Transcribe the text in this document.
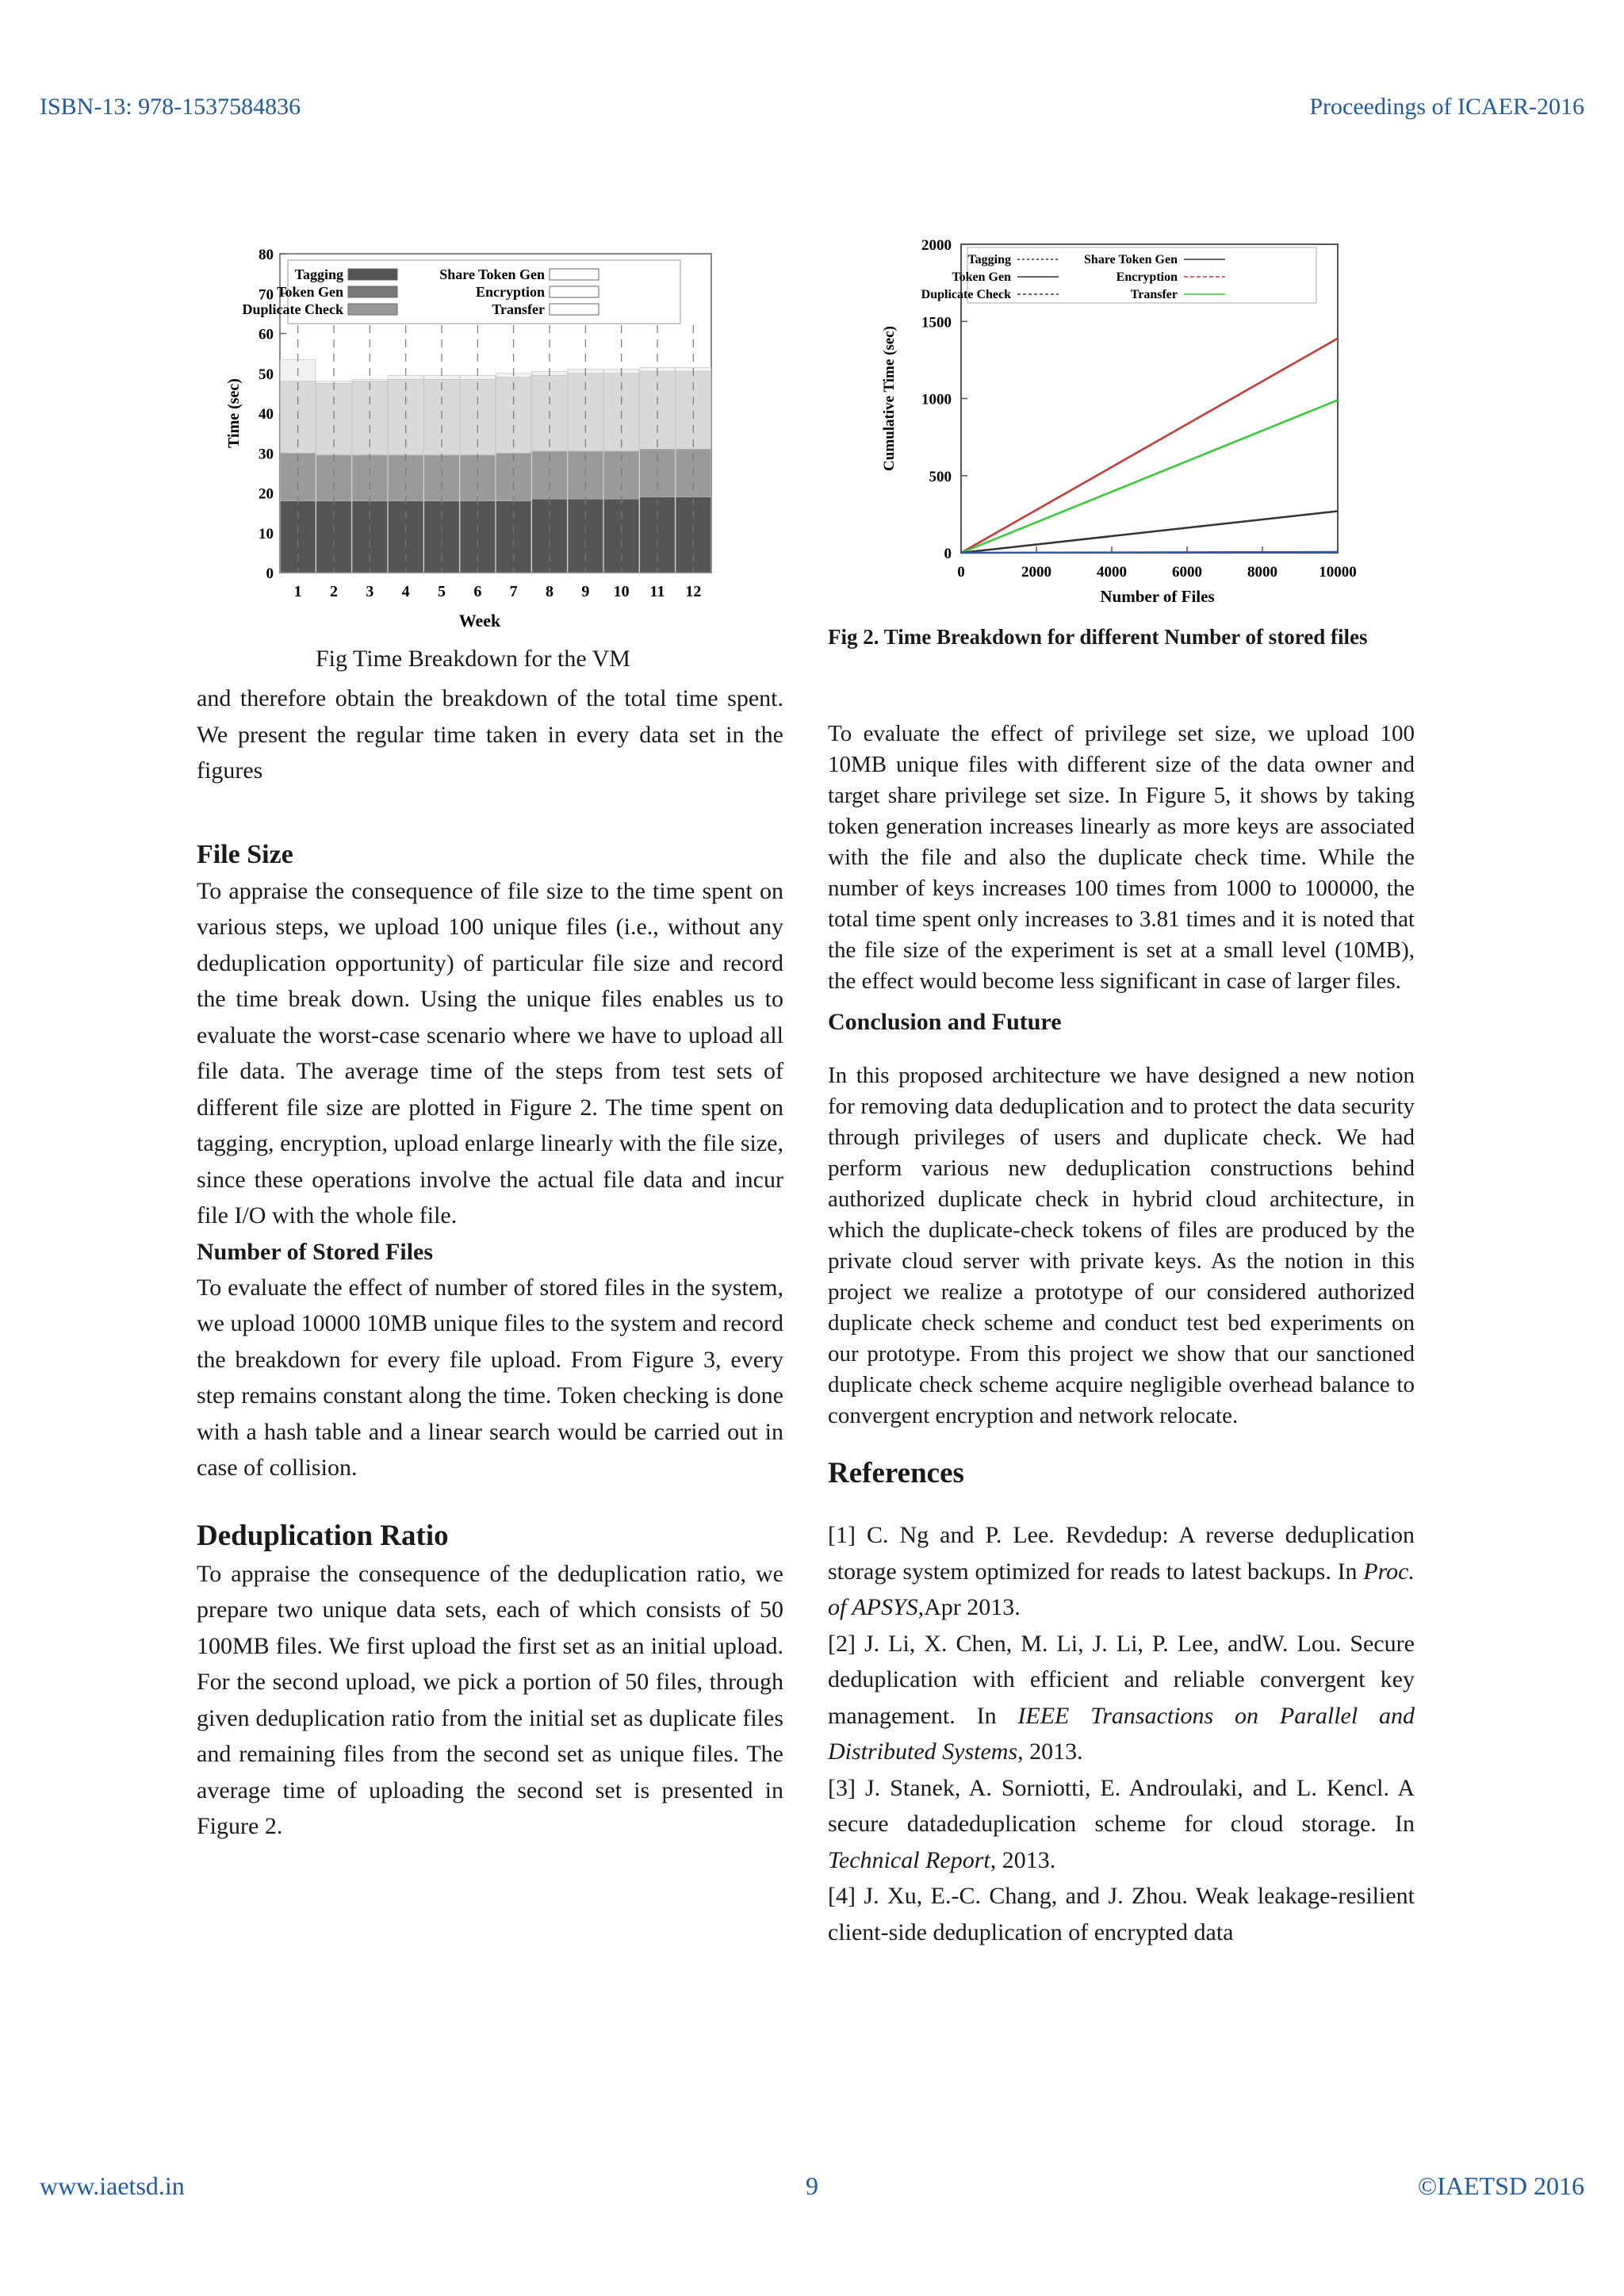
ISBN-13: 978-1537584836	Proceedings of ICAER-2016
0
10
20
30
40
50
60
70
80
1 2 3 4 5 6 7 8 9 10 11 12
Tagging	Share Token Gen
Token Gen	Encryption
Duplicate Check	Transfer
Time (sec)
Week
Fig Time Breakdown for the VM
0
500
1000
1500
2000
0	2000	4000	6000	8000	10000
Tagging	Share Token Gen
Token Gen	Encryption
Duplicate Check	Transfer
Cumulative Time (sec)
Number of Files
Fig 2. Time Breakdown for different Number of stored files

and therefore obtain the breakdown of the total time spent. We present the regular time taken in every data set in the figures

File Size

To appraise the consequence of file size to the time spent on various steps, we upload 100 unique files (i.e., without any deduplication opportunity) of particular file size and record the time break down. Using the unique files enables us to evaluate the worst-case scenario where we have to upload all file data. The average time of the steps from test sets of different file size are plotted in Figure 2. The time spent on tagging, encryption, upload enlarge linearly with the file size, since these operations involve the actual file data and incur file I/O with the whole file.

Number of Stored Files

To evaluate the effect of number of stored files in the system, we upload 10000 10MB unique files to the system and record the breakdown for every file upload. From Figure 3, every step remains constant along the time. Token checking is done with a hash table and a linear search would be carried out in case of collision.

Deduplication Ratio

To appraise the consequence of the deduplication ratio, we prepare two unique data sets, each of which consists of 50 100MB files. We first upload the first set as an initial upload. For the second upload, we pick a portion of 50 files, through given deduplication ratio from the initial set as duplicate files and remaining files from the second set as unique files. The average time of uploading the second set is presented in Figure 2.

To evaluate the effect of privilege set size, we upload 100 10MB unique files with different size of the data owner and target share privilege set size. In Figure 5, it shows by taking token generation increases linearly as more keys are associated with the file and also the duplicate check time. While the number of keys increases 100 times from 1000 to 100000, the total time spent only increases to 3.81 times and it is noted that the file size of the experiment is set at a small level (10MB), the effect would become less significant in case of larger files.

Conclusion and Future

In this proposed architecture we have designed a new notion for removing data deduplication and to protect the data security through privileges of users and duplicate check. We had perform various new deduplication constructions behind authorized duplicate check in hybrid cloud architecture, in which the duplicate-check tokens of files are produced by the private cloud server with private keys. As the notion in this project we realize a prototype of our considered authorized duplicate check scheme and conduct test bed experiments on our prototype. From this project we show that our sanctioned duplicate check scheme acquire negligible overhead balance to convergent encryption and network relocate.

References

[1] C. Ng and P. Lee. Revdedup: A reverse deduplication storage system optimized for reads to latest backups. In Proc. of APSYS,Apr 2013.

[2] J. Li, X. Chen, M. Li, J. Li, P. Lee, andW. Lou. Secure deduplication with efficient and reliable convergent key management. In IEEE Transactions on Parallel and Distributed Systems, 2013.

[3] J. Stanek, A. Sorniotti, E. Androulaki, and L. Kencl. A secure datadeduplication scheme for cloud storage. In Technical Report, 2013.

[4] J. Xu, E.-C. Chang, and J. Zhou. Weak leakage-resilient client-side deduplication of encrypted data

www.iaetsd.in	9	©IAETSD 2016
